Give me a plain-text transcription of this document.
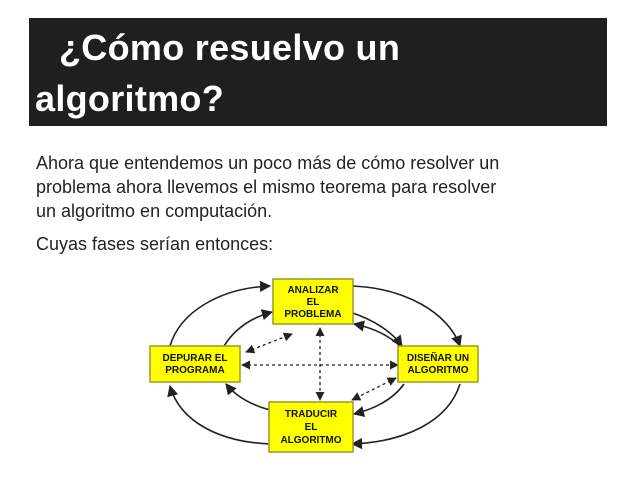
¿Cómo resuelvo un
algoritmo?
Ahora que entendemos un poco más de cómo resolver un
problema ahora llevemos el mismo teorema para resolver
un algoritmo en computación.
Cuyas fases serían entonces:
ANALIZAR
EL
PROBLEMA
DISEÑAR UN
ALGORITMO
TRADUCIR
EL
ALGORITMO
DEPURAR EL
PROGRAMA
